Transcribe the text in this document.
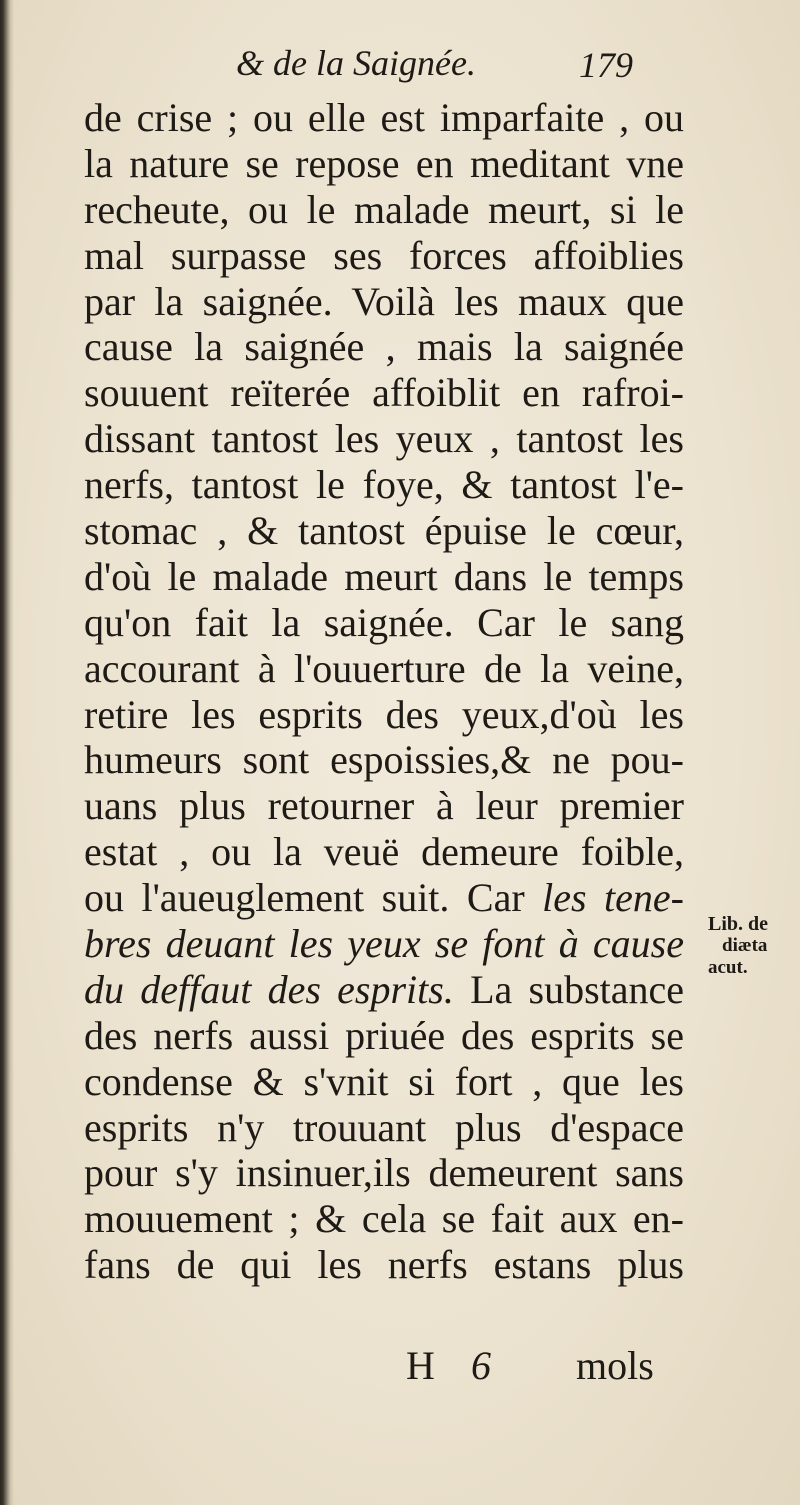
& de la Saignée.	179
de crise ; ou elle est imparfaite , ou
la nature se repose en meditant vne
recheute, ou le malade meurt, si le
mal surpasse ses forces affoiblies
par la saignée. Voilà les maux que
cause la saignée , mais la saignée
souuent reïterée affoiblit en rafroi-
dissant tantost les yeux , tantost les
nerfs, tantost le foye, & tantost l'e-
stomac , & tantost épuise le cœur,
d'où le malade meurt dans le temps
qu'on fait la saignée. Car le sang
accourant à l'ouuerture de la veine,
retire les esprits des yeux,d'où les
humeurs sont espoissies,& ne pou-
uans plus retourner à leur premier
estat , ou la veuë demeure foible,
ou l'aueuglement suit. Car les tene-
bres deuant les yeux se font à cause
du deffaut des esprits. La substance
des nerfs aussi priuée des esprits se
condense & s'vnit si fort , que les
esprits n'y trouuant plus d'espace
pour s'y insinuer,ils demeurent sans
mouuement ; & cela se fait aux en-
fans de qui les nerfs estans plus
Lib. de
diæta
acut.
H 6 mols
